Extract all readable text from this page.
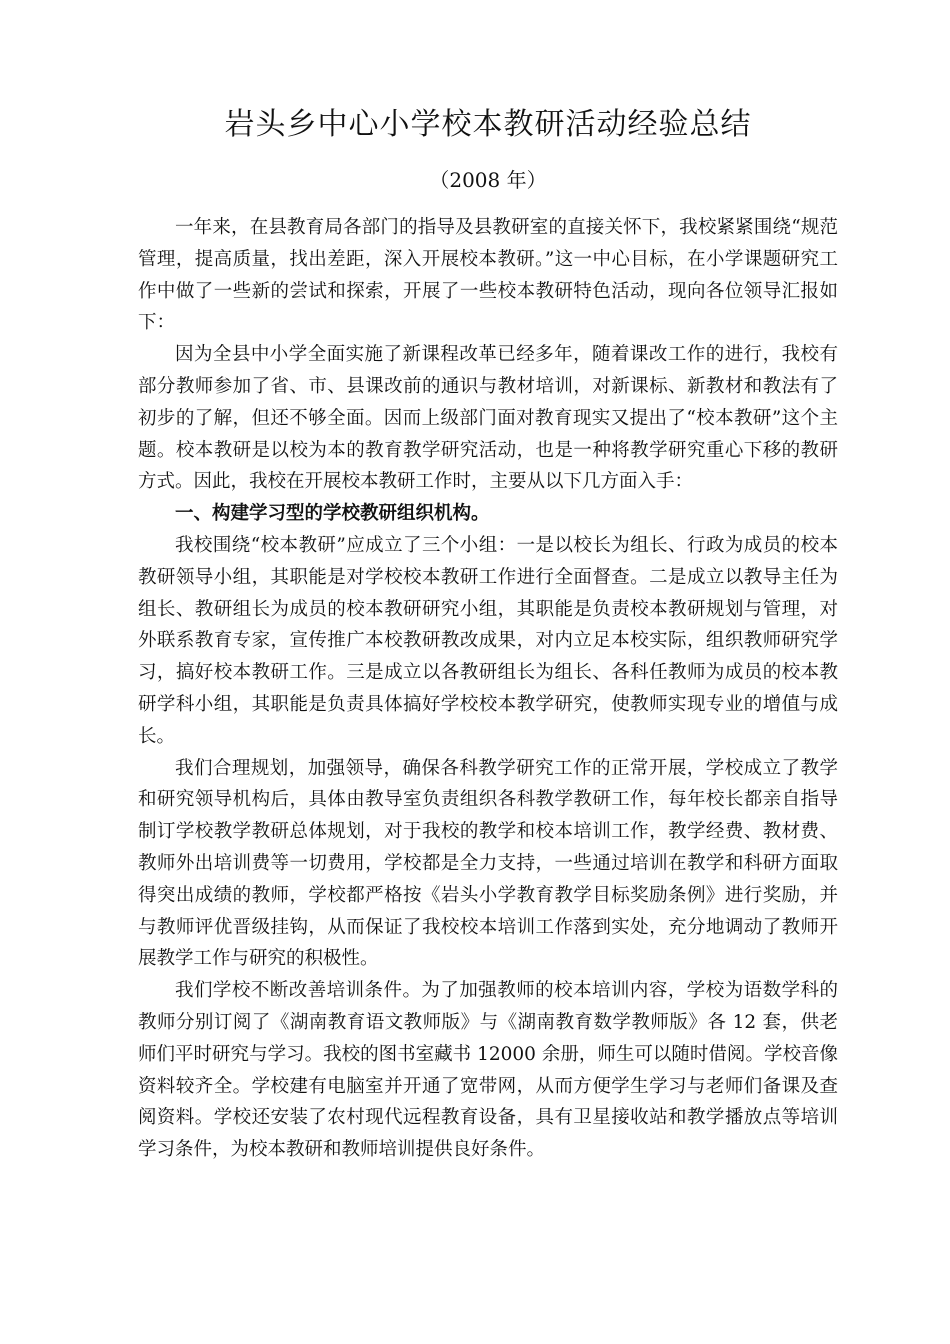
岩头乡中心小学校本教研活动经验总结
（2008 年）

一年来，在县教育局各部门的指导及县教研室的直接关怀下，我校紧紧围绕“规范管理，提高质量，找出差距，深入开展校本教研。”这一中心目标，在小学课题研究工作中做了一些新的尝试和探索，开展了一些校本教研特色活动，现向各位领导汇报如下：

因为全县中小学全面实施了新课程改革已经多年，随着课改工作的进行，我校有部分教师参加了省、市、县课改前的通识与教材培训，对新课标、新教材和教法有了初步的了解，但还不够全面。因而上级部门面对教育现实又提出了“校本教研”这个主题。校本教研是以校为本的教育教学研究活动，也是一种将教学研究重心下移的教研方式。因此，我校在开展校本教研工作时，主要从以下几方面入手：

一、构建学习型的学校教研组织机构。

我校围绕“校本教研”应成立了三个小组：一是以校长为组长、行政为成员的校本教研领导小组，其职能是对学校校本教研工作进行全面督查。二是成立以教导主任为组长、教研组长为成员的校本教研研究小组，其职能是负责校本教研规划与管理，对外联系教育专家，宣传推广本校教研教改成果，对内立足本校实际，组织教师研究学习，搞好校本教研工作。三是成立以各教研组长为组长、各科任教师为成员的校本教研学科小组，其职能是负责具体搞好学校校本教学研究，使教师实现专业的增值与成长。

我们合理规划，加强领导，确保各科教学研究工作的正常开展，学校成立了教学和研究领导机构后，具体由教导室负责组织各科教学教研工作，每年校长都亲自指导制订学校教学教研总体规划，对于我校的教学和校本培训工作，教学经费、教材费、教师外出培训费等一切费用，学校都是全力支持，一些通过培训在教学和科研方面取得突出成绩的教师，学校都严格按《岩头小学教育教学目标奖励条例》进行奖励，并与教师评优晋级挂钩，从而保证了我校校本培训工作落到实处，充分地调动了教师开展教学工作与研究的积极性。

我们学校不断改善培训条件。为了加强教师的校本培训内容，学校为语数学科的教师分别订阅了《湖南教育语文教师版》与《湖南教育数学教师版》各 12 套，供老师们平时研究与学习。我校的图书室藏书 12000 余册，师生可以随时借阅。学校音像资料较齐全。学校建有电脑室并开通了宽带网，从而方便学生学习与老师们备课及查阅资料。学校还安装了农村现代远程教育设备，具有卫星接收站和教学播放点等培训学习条件，为校本教研和教师培训提供良好条件。
